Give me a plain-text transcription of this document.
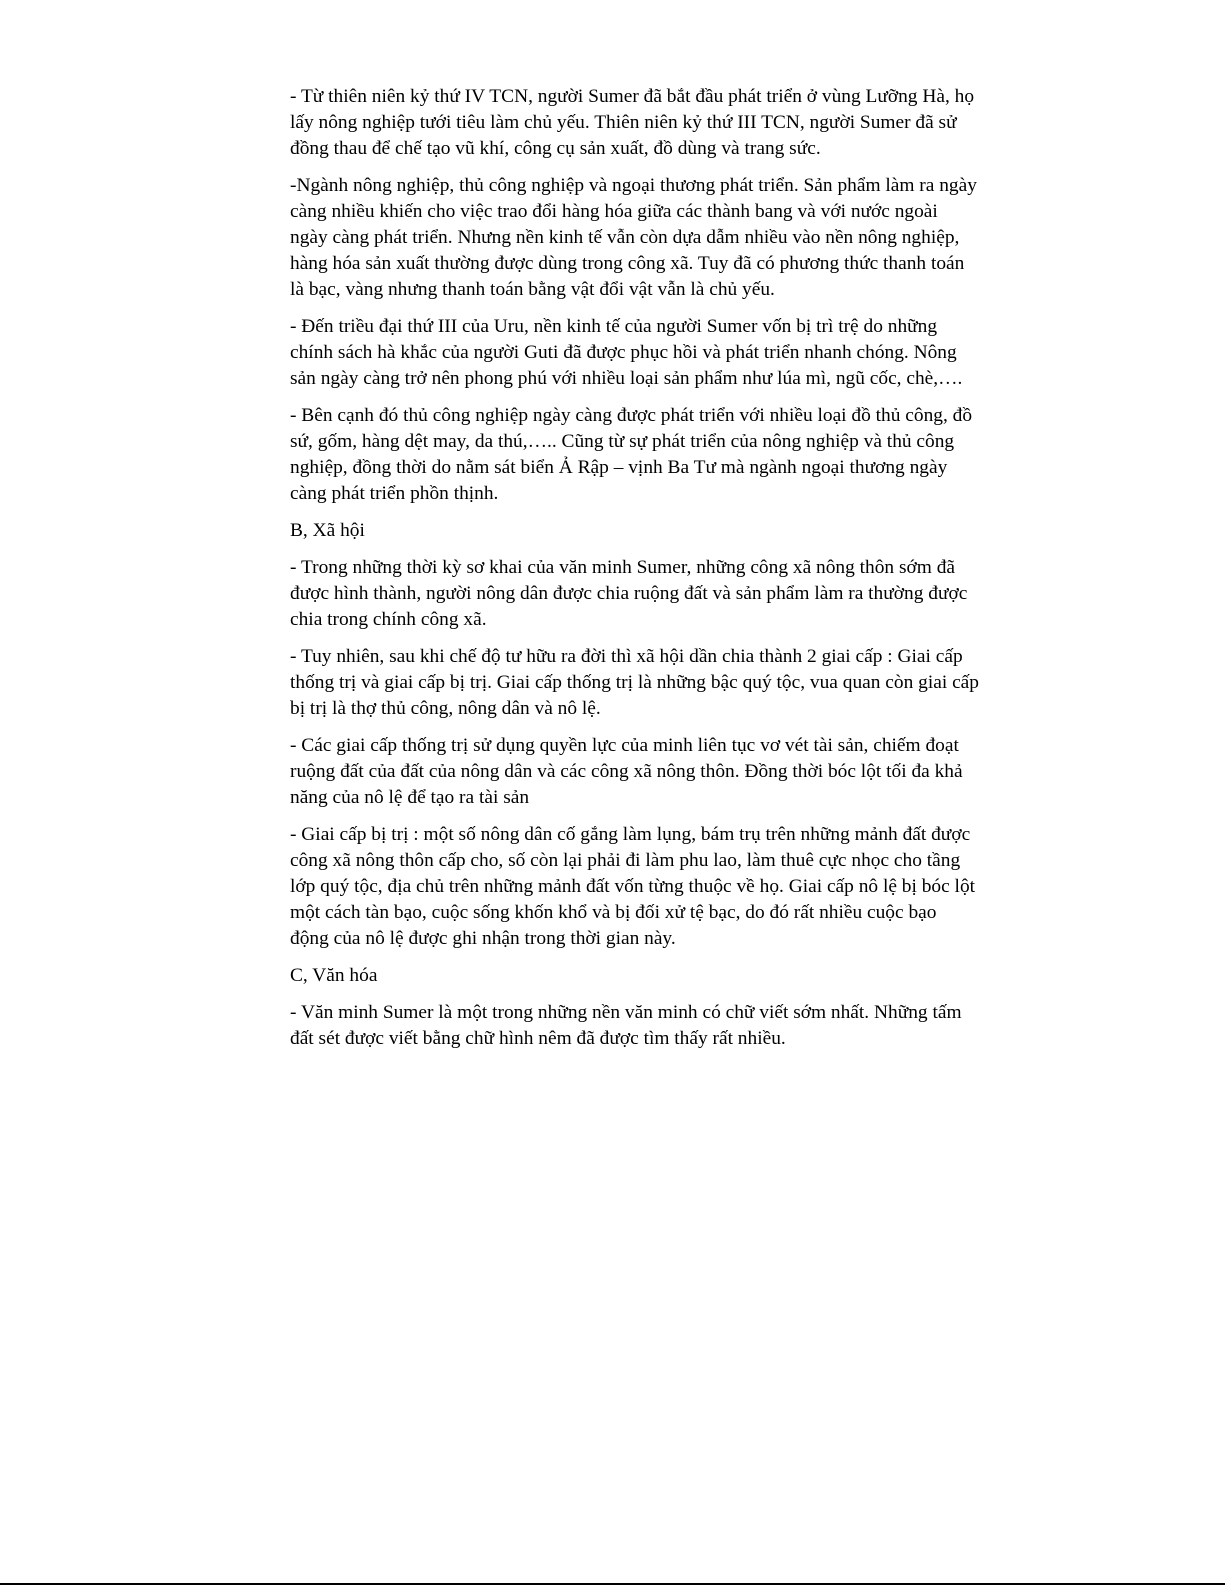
- Từ thiên niên kỷ thứ IV TCN, người Sumer đã bắt đầu phát triển ở vùng Lưỡng Hà, họ lấy nông nghiệp tưới tiêu làm chủ yếu. Thiên niên kỷ thứ III TCN, người Sumer đã sử đồng thau để chế tạo vũ khí, công cụ sản xuất, đồ dùng và trang sức.

-Ngành nông nghiệp, thủ công nghiệp và ngoại thương phát triển. Sản phẩm làm ra ngày càng nhiều khiến cho việc trao đổi hàng hóa giữa các thành bang và với nước ngoài ngày càng phát triển. Nhưng nền kinh tế vẫn còn dựa dẫm nhiều vào nền nông nghiệp, hàng hóa sản xuất thường được dùng trong công xã. Tuy đã có phương thức thanh toán là bạc, vàng nhưng thanh toán bằng vật đổi vật vẫn là chủ yếu.

- Đến triều đại thứ III của Uru, nền kinh tế của người Sumer vốn bị trì trệ do những chính sách hà khắc của người Guti đã được phục hồi và phát triển nhanh chóng. Nông sản ngày càng trở nên phong phú với nhiều loại sản phẩm như lúa mì, ngũ cốc, chè,….

- Bên cạnh đó thủ công nghiệp ngày càng được phát triển với nhiều loại đồ thủ công, đồ sứ, gốm, hàng dệt may, da thú,….. Cũng từ sự phát triển của nông nghiệp và thủ công nghiệp, đồng thời do nằm sát biển Ả Rập – vịnh Ba Tư mà ngành ngoại thương ngày càng phát triển phồn thịnh.

B, Xã hội

- Trong những thời kỳ sơ khai của văn minh Sumer, những công xã nông thôn sớm đã được hình thành, người nông dân được chia ruộng đất và sản phẩm làm ra thường được chia trong chính công xã.

- Tuy nhiên, sau khi chế độ tư hữu ra đời thì xã hội dần chia thành 2 giai cấp : Giai cấp thống trị và giai cấp bị trị. Giai cấp thống trị là những bậc quý tộc, vua quan còn giai cấp bị trị là thợ thủ công, nông dân và nô lệ.

- Các giai cấp thống trị sử dụng quyền lực của minh liên tục vơ vét tài sản, chiếm đoạt ruộng đất của đất của nông dân và các công xã nông thôn. Đồng thời bóc lột tối đa khả năng của nô lệ để tạo ra tài sản

- Giai cấp bị trị : một số nông dân cố gắng làm lụng, bám trụ trên những mảnh đất được công xã nông thôn cấp cho, số còn lại phải đi làm phu lao, làm thuê cực nhọc cho tầng lớp quý tộc, địa chủ trên những mảnh đất vốn từng thuộc về họ. Giai cấp nô lệ bị bóc lột một cách tàn bạo, cuộc sống khốn khổ và bị đối xử tệ bạc, do đó rất nhiều cuộc bạo động của nô lệ được ghi nhận trong thời gian này.

C, Văn hóa

- Văn minh Sumer là một trong những nền văn minh có chữ viết sớm nhất. Những tấm đất sét được viết bằng chữ hình nêm đã được tìm thấy rất nhiều.
